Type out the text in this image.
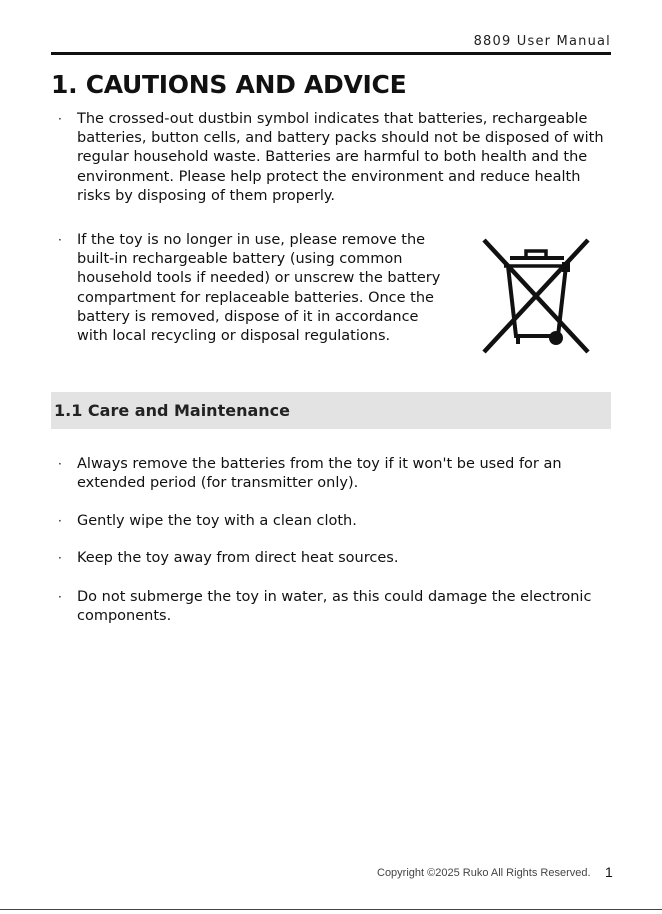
8809 User Manual
1. CAUTIONS AND ADVICE
·	The crossed-out dustbin symbol indicates that batteries, rechargeable batteries, button cells, and battery packs should not be disposed of with regular household waste. Batteries are harmful to both health and the environment. Please help protect the environment and reduce health risks by disposing of them properly.
·	If the toy is no longer in use, please remove the built-in rechargeable battery (using common household tools if needed) or unscrew the battery compartment for replaceable batteries. Once the battery is removed, dispose of it in accordance with local recycling or disposal regulations.
1.1 Care and Maintenance
·	Always remove the batteries from the toy if it won't be used for an extended period (for transmitter only).
·	Gently wipe the toy with a clean cloth.
·	Keep the toy away from direct heat sources.
·	Do not submerge the toy in water, as this could damage the electronic components.
Copyright ©2025 Ruko All Rights Reserved. 1
